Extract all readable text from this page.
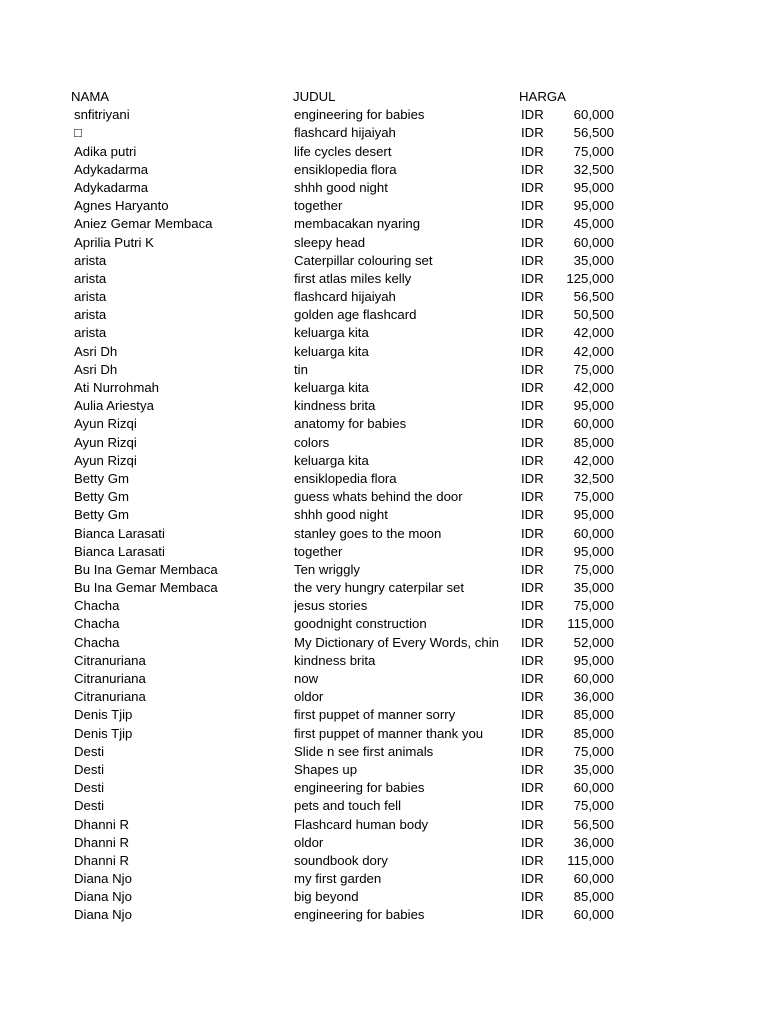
NAMA	JUDUL	HARGA
snfitriyani	engineering for babies	IDR	60,000
□	flashcard hijaiyah	IDR	56,500
Adika putri	life cycles desert	IDR	75,000
Adykadarma	ensiklopedia flora	IDR	32,500
Adykadarma	shhh good night	IDR	95,000
Agnes Haryanto	together	IDR	95,000
Aniez Gemar Membaca	membacakan nyaring	IDR	45,000
Aprilia Putri K	sleepy head	IDR	60,000
arista	Caterpillar colouring set	IDR	35,000
arista	first atlas miles kelly	IDR	125,000
arista	flashcard hijaiyah	IDR	56,500
arista	golden age flashcard	IDR	50,500
arista	keluarga kita	IDR	42,000
Asri Dh	keluarga kita	IDR	42,000
Asri Dh	tin	IDR	75,000
Ati Nurrohmah	keluarga kita	IDR	42,000
Aulia Ariestya	kindness brita	IDR	95,000
Ayun Rizqi	anatomy for babies	IDR	60,000
Ayun Rizqi	colors	IDR	85,000
Ayun Rizqi	keluarga kita	IDR	42,000
Betty Gm	ensiklopedia flora	IDR	32,500
Betty Gm	guess whats behind the door	IDR	75,000
Betty Gm	shhh good night	IDR	95,000
Bianca Larasati	stanley goes to the moon	IDR	60,000
Bianca Larasati	together	IDR	95,000
Bu Ina Gemar Membaca	Ten wriggly	IDR	75,000
Bu Ina Gemar Membaca	the very hungry caterpilar set	IDR	35,000
Chacha	jesus stories	IDR	75,000
Chacha	goodnight construction	IDR	115,000
Chacha	My Dictionary of Every Words, chin	IDR	52,000
Citranuriana	kindness brita	IDR	95,000
Citranuriana	now	IDR	60,000
Citranuriana	oldor	IDR	36,000
Denis Tjip	first puppet of manner sorry	IDR	85,000
Denis Tjip	first puppet of manner thank you	IDR	85,000
Desti	Slide n see first animals	IDR	75,000
Desti	Shapes up	IDR	35,000
Desti	engineering for babies	IDR	60,000
Desti	pets and touch fell	IDR	75,000
Dhanni R	Flashcard human body	IDR	56,500
Dhanni R	oldor	IDR	36,000
Dhanni R	soundbook dory	IDR	115,000
Diana Njo	my first garden	IDR	60,000
Diana Njo	big beyond	IDR	85,000
Diana Njo	engineering for babies	IDR	60,000
